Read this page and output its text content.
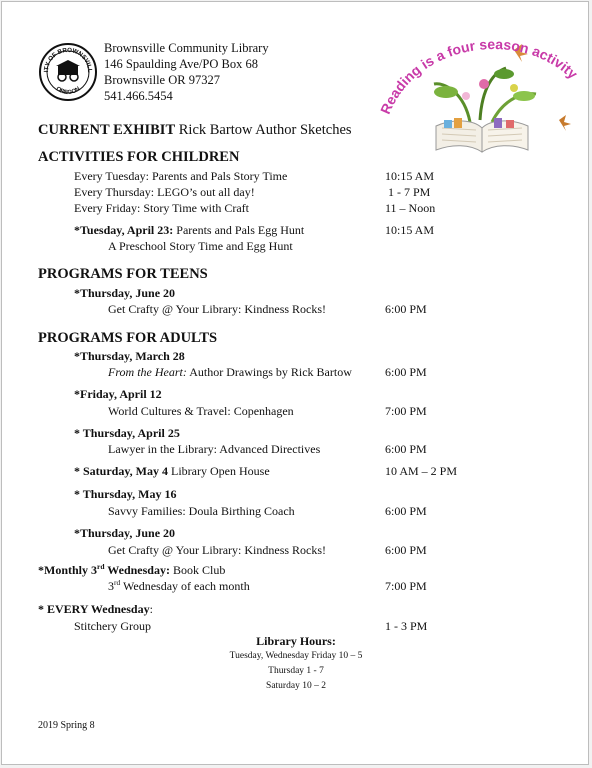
ITY OF BROWNSVILL
OREGON
Brownsville Community Library
146 Spaulding Ave/PO Box 68
Brownsville OR 97327
541.466.5454
Reading is a four season activity
CURRENT EXHIBIT Rick Bartow Author Sketches
ACTIVITIES FOR CHILDREN
Every Tuesday: Parents and Pals Story Time	10:15 AM
Every Thursday: LEGO’s out all day!	1 - 7 PM
Every Friday: Story Time with Craft	11 – Noon
*Tuesday, April 23: Parents and Pals Egg Hunt	10:15 AM
A Preschool Story Time and Egg Hunt
PROGRAMS FOR TEENS
*Thursday, June 20
Get Crafty @ Your Library: Kindness Rocks!	6:00 PM
PROGRAMS FOR ADULTS
*Thursday, March 28
From the Heart: Author Drawings by Rick Bartow	6:00 PM
*Friday, April 12
World Cultures & Travel: Copenhagen	7:00 PM
* Thursday, April 25
Lawyer in the Library: Advanced Directives	6:00 PM
* Saturday, May 4 Library Open House	10 AM – 2 PM
* Thursday, May 16
Savvy Families: Doula Birthing Coach	6:00 PM
*Thursday, June 20
Get Crafty @ Your Library: Kindness Rocks!	6:00 PM
*Monthly 3rd Wednesday: Book Club
3rd Wednesday of each month	7:00 PM
* EVERY Wednesday:
Stitchery Group	1 - 3 PM
Library Hours:
Tuesday, Wednesday Friday 10 – 5
Thursday 1 - 7
Saturday 10 – 2
2019 Spring 8
